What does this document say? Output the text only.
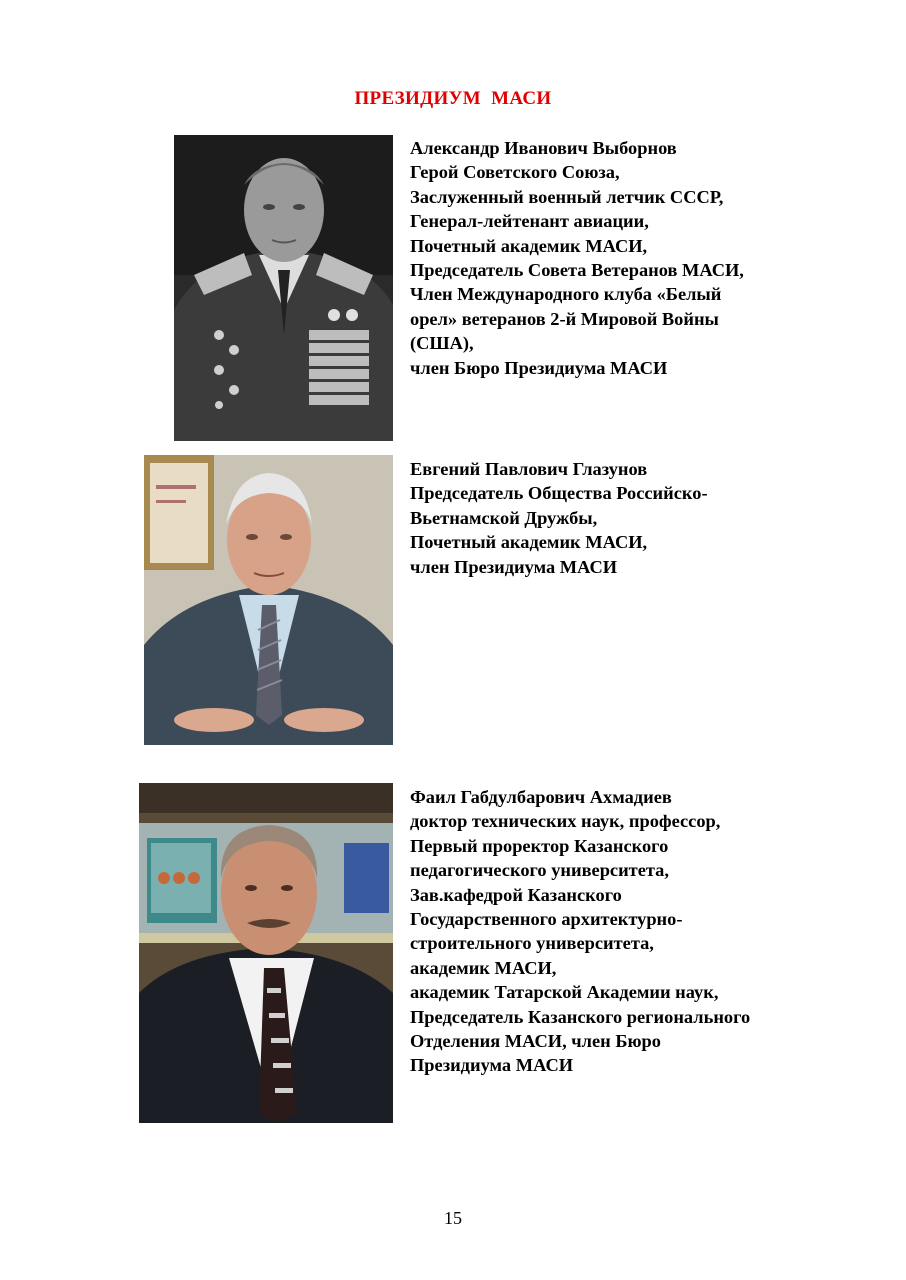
ПРЕЗИДИУМ  МАСИ
Александр Иванович Выборнов
Герой Советского Союза,
Заслуженный военный летчик СССР,
Генерал-лейтенант авиации,
Почетный академик МАСИ,
Председатель Совета Ветеранов МАСИ,
Член Международного клуба «Белый
орел» ветеранов 2-й Мировой Войны
(США),
член Бюро Президиума МАСИ
Евгений Павлович Глазунов
Председатель Общества Российско-
Вьетнамской Дружбы,
Почетный академик МАСИ,
член Президиума МАСИ
Фаил Габдулбарович Ахмадиев
доктор технических наук, профессор,
Первый проректор Казанского
педагогического университета,
Зав.кафедрой Казанского
Государственного архитектурно-
строительного университета,
академик МАСИ,
академик Татарской Академии наук,
Председатель Казанского регионального
Отделения МАСИ, член Бюро
Президиума МАСИ
15
